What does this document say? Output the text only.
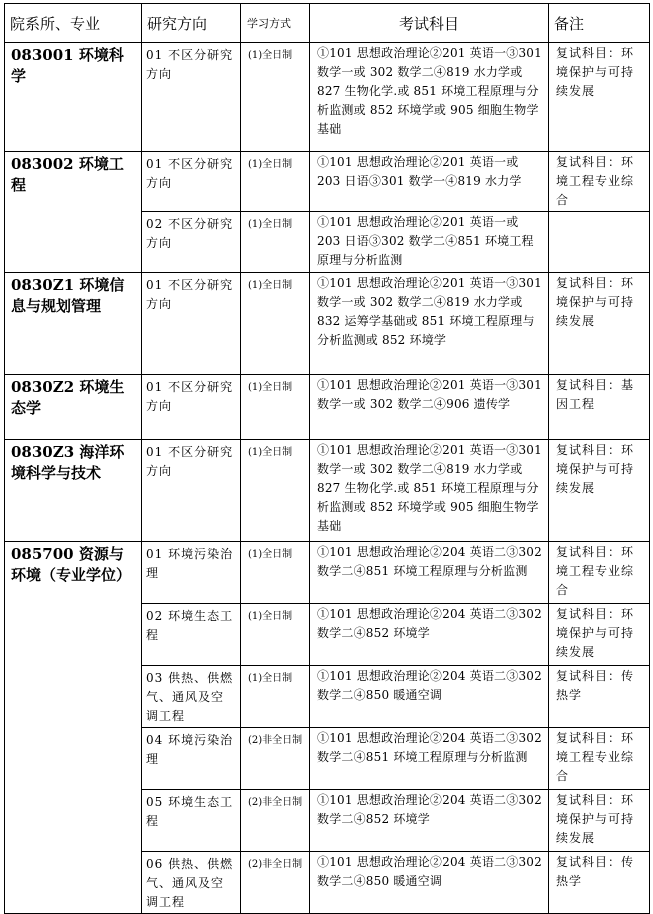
院系所、专业	研究方向	学习方式	考试科目	备注
083001 环境科学	01 不区分研究方向	(1)全日制	①101 思想政治理论②201 英语一③301 数学一或 302 数学二④819 水力学或 827 生物化学.或 851 环境工程原理与分析监测或 852 环境学或 905 细胞生物学基础	复试科目：环境保护与可持续发展
083002 环境工程	01 不区分研究方向	(1)全日制	①101 思想政治理论②201 英语一或 203 日语③301 数学一④819 水力学	复试科目：环境工程专业综合
	02 不区分研究方向	(1)全日制	①101 思想政治理论②201 英语一或 203 日语③302 数学二④851 环境工程原理与分析监测	
0830Z1 环境信息与规划管理	01 不区分研究方向	(1)全日制	①101 思想政治理论②201 英语一③301 数学一或 302 数学二④819 水力学或 832 运筹学基础或 851 环境工程原理与分析监测或 852 环境学	复试科目：环境保护与可持续发展
0830Z2 环境生态学	01 不区分研究方向	(1)全日制	①101 思想政治理论②201 英语一③301 数学一或 302 数学二④906 遗传学	复试科目：基因工程
0830Z3 海洋环境科学与技术	01 不区分研究方向	(1)全日制	①101 思想政治理论②201 英语一③301 数学一或 302 数学二④819 水力学或 827 生物化学.或 851 环境工程原理与分析监测或 852 环境学或 905 细胞生物学基础	复试科目：环境保护与可持续发展
085700 资源与环境（专业学位）	01 环境污染治理	(1)全日制	①101 思想政治理论②204 英语二③302 数学二④851 环境工程原理与分析监测	复试科目：环境工程专业综合
	02 环境生态工程	(1)全日制	①101 思想政治理论②204 英语二③302 数学二④852 环境学	复试科目：环境保护与可持续发展
	03 供热、供燃气、通风及空调工程	(1)全日制	①101 思想政治理论②204 英语二③302 数学二④850 暖通空调	复试科目：传热学
	04 环境污染治理	(2)非全日制	①101 思想政治理论②204 英语二③302 数学二④851 环境工程原理与分析监测	复试科目：环境工程专业综合
	05 环境生态工程	(2)非全日制	①101 思想政治理论②204 英语二③302 数学二④852 环境学	复试科目：环境保护与可持续发展
	06 供热、供燃气、通风及空调工程	(2)非全日制	①101 思想政治理论②204 英语二③302 数学二④850 暖通空调	复试科目：传热学
